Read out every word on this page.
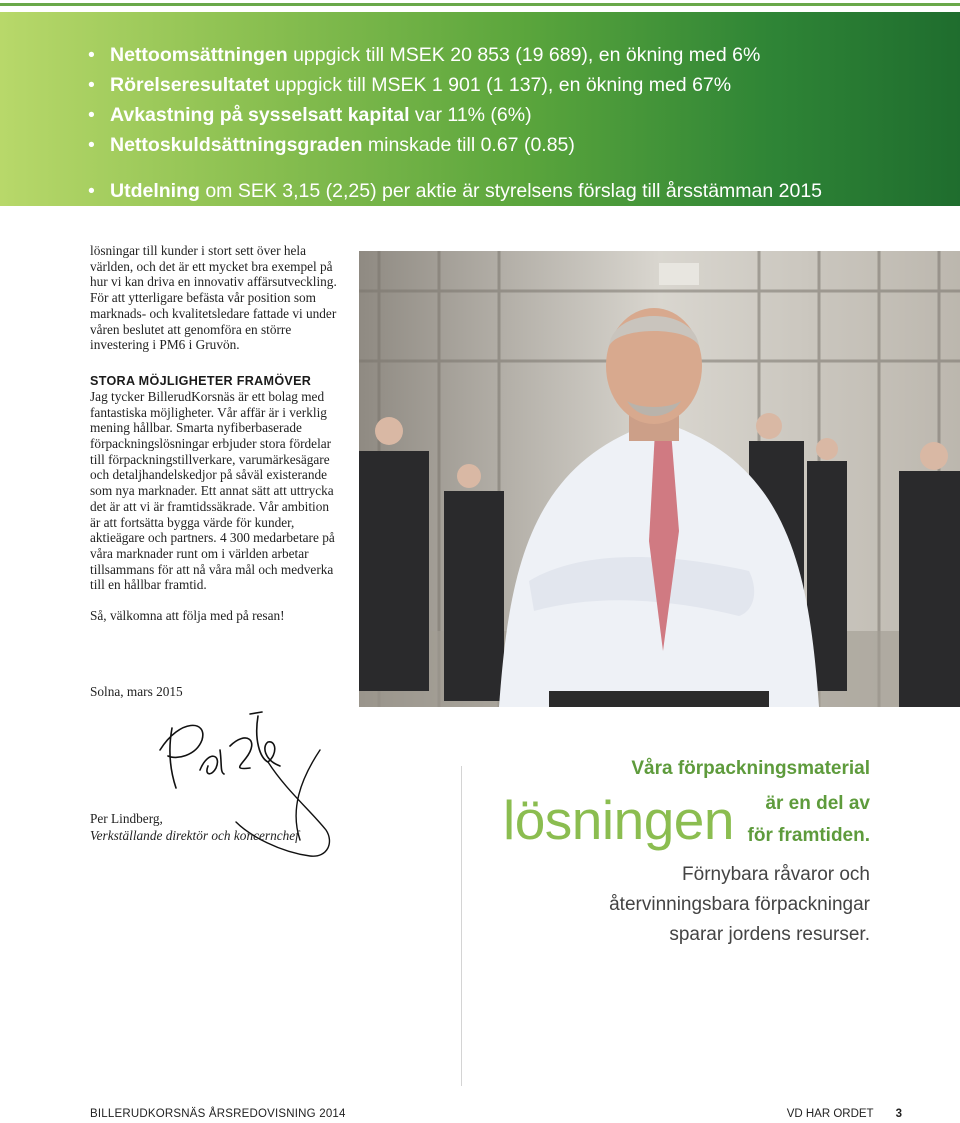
• Nettoomsättningen uppgick till MSEK 20 853 (19 689), en ökning med 6%
• Rörelseresultatet uppgick till MSEK 1 901 (1 137), en ökning med 67%
• Avkastning på sysselsatt kapital var 11% (6%)
• Nettoskuldsättningsgraden minskade till 0.67 (0.85)
• Utdelning om SEK 3,15 (2,25) per aktie är styrelsens förslag till årsstämman 2015

lösningar till kunder i stort sett över hela världen, och det är ett mycket bra exempel på hur vi kan driva en innovativ affärsutveckling. För att ytterligare befästa vår position som marknads- och kvalitetsledare fattade vi under våren beslutet att genomföra en större investering i PM6 i Gruvön.

STORA MÖJLIGHETER FRAMÖVER

Jag tycker BillerudKorsnäs är ett bolag med fantastiska möjligheter. Vår affär är i verklig mening hållbar. Smarta nyfiberbaserade förpackningslösningar erbjuder stora fördelar till förpackningstillverkare, varumärkesägare och detaljhandelskedjor på såväl existerande som nya marknader. Ett annat sätt att uttrycka det är att vi är framtidssäkrade. Vår ambition är att fortsätta bygga värde för kunder, aktieägare och partners. 4 300 medarbetare på våra marknader runt om i världen arbetar tillsammans för att nå våra mål och medverka till en hållbar framtid.

Så, välkomna att följa med på resan!

Solna, mars 2015
Per Lindberg,
Verkställande direktör och koncernchef
Våra förpackningsmaterial
lösningen är en del av
för framtiden.
Förnybara råvaror och
återvinningsbara förpackningar
sparar jordens resurser.
BILLERUDKORSNÄS ÅRSREDOVISNING 2014	VD HAR ORDET 3
